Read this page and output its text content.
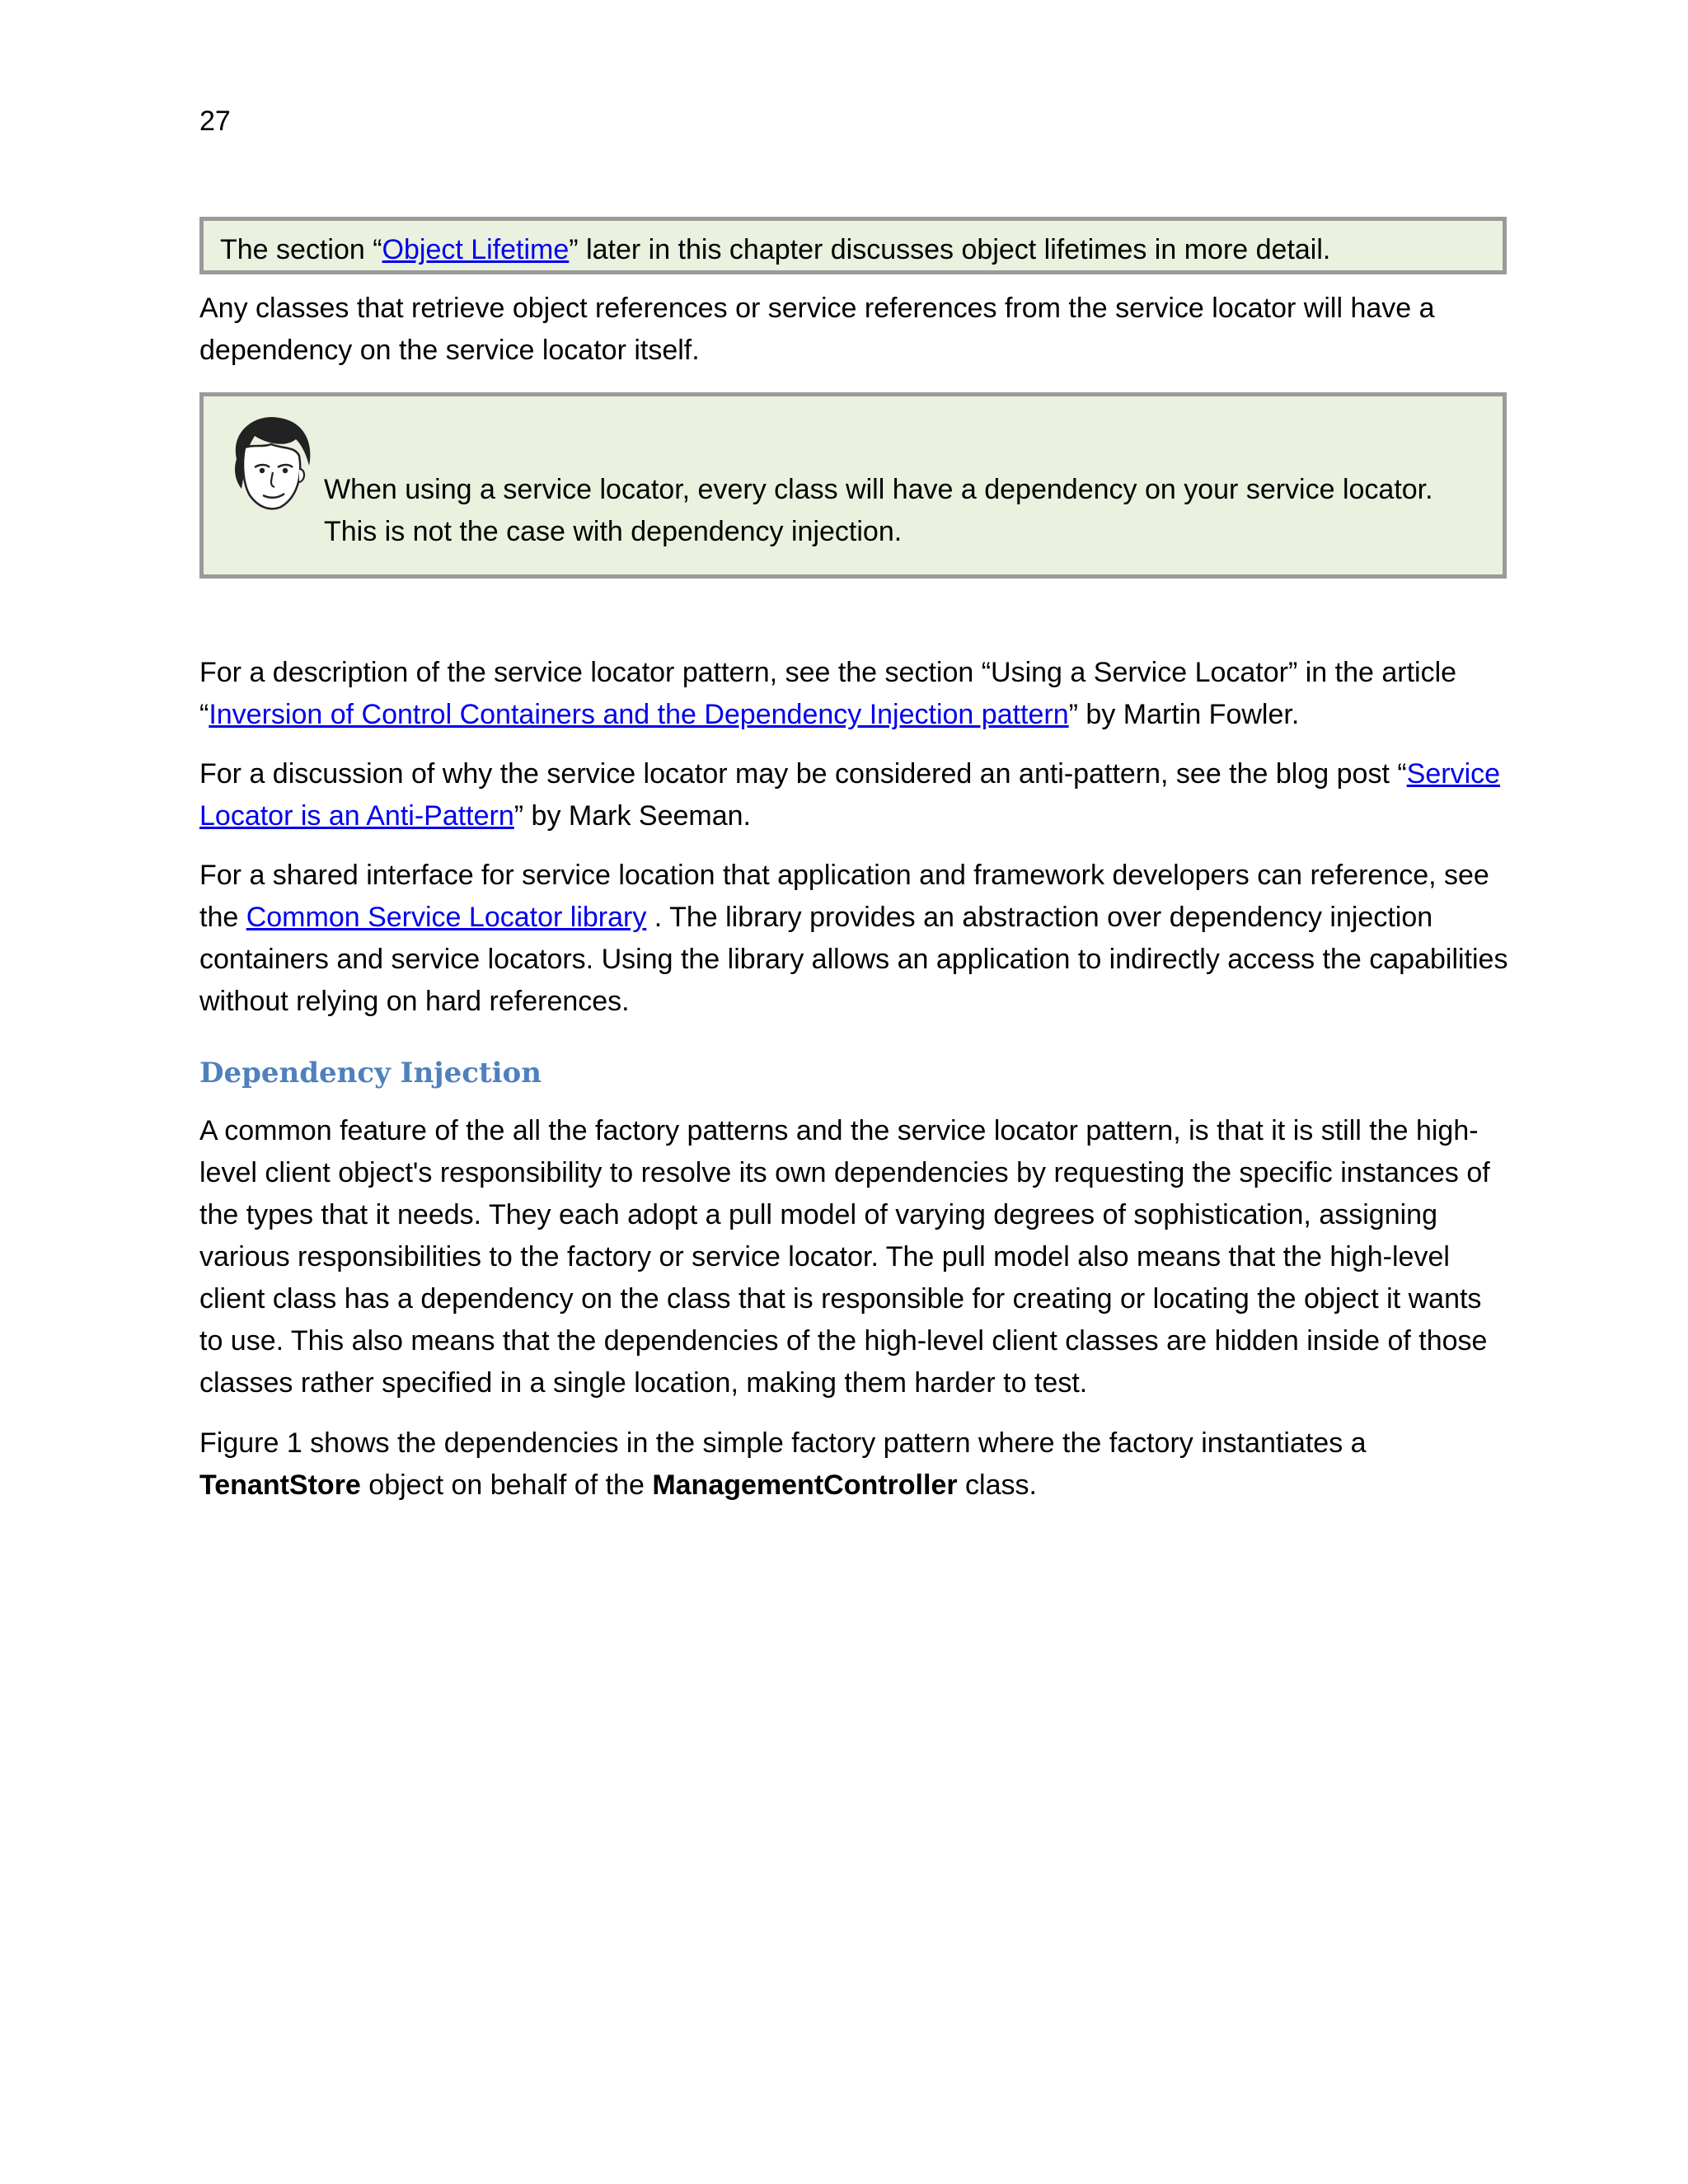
27
The section “Object Lifetime” later in this chapter discusses object lifetimes in more detail.
Any classes that retrieve object references or service references from the service locator will have a dependency on the service locator itself.
When using a service locator, every class will have a dependency on your service locator. This is not the case with dependency injection.
For a description of the service locator pattern, see the section “Using a Service Locator” in the article “Inversion of Control Containers and the Dependency Injection pattern” by Martin Fowler.
For a discussion of why the service locator may be considered an anti-pattern, see the blog post “Service Locator is an Anti-Pattern” by Mark Seeman.
For a shared interface for service location that application and framework developers can reference, see the Common Service Locator library . The library provides an abstraction over dependency injection containers and service locators. Using the library allows an application to indirectly access the capabilities without relying on hard references.
Dependency Injection
A common feature of the all the factory patterns and the service locator pattern, is that it is still the high-level client object's responsibility to resolve its own dependencies by requesting the specific instances of the types that it needs. They each adopt a pull model of varying degrees of sophistication, assigning various responsibilities to the factory or service locator. The pull model also means that the high-level client class has a dependency on the class that is responsible for creating or locating the object it wants to use. This also means that the dependencies of the high-level client classes are hidden inside of those classes rather specified in a single location, making them harder to test.
Figure 1 shows the dependencies in the simple factory pattern where the factory instantiates a TenantStore object on behalf of the ManagementController class.
